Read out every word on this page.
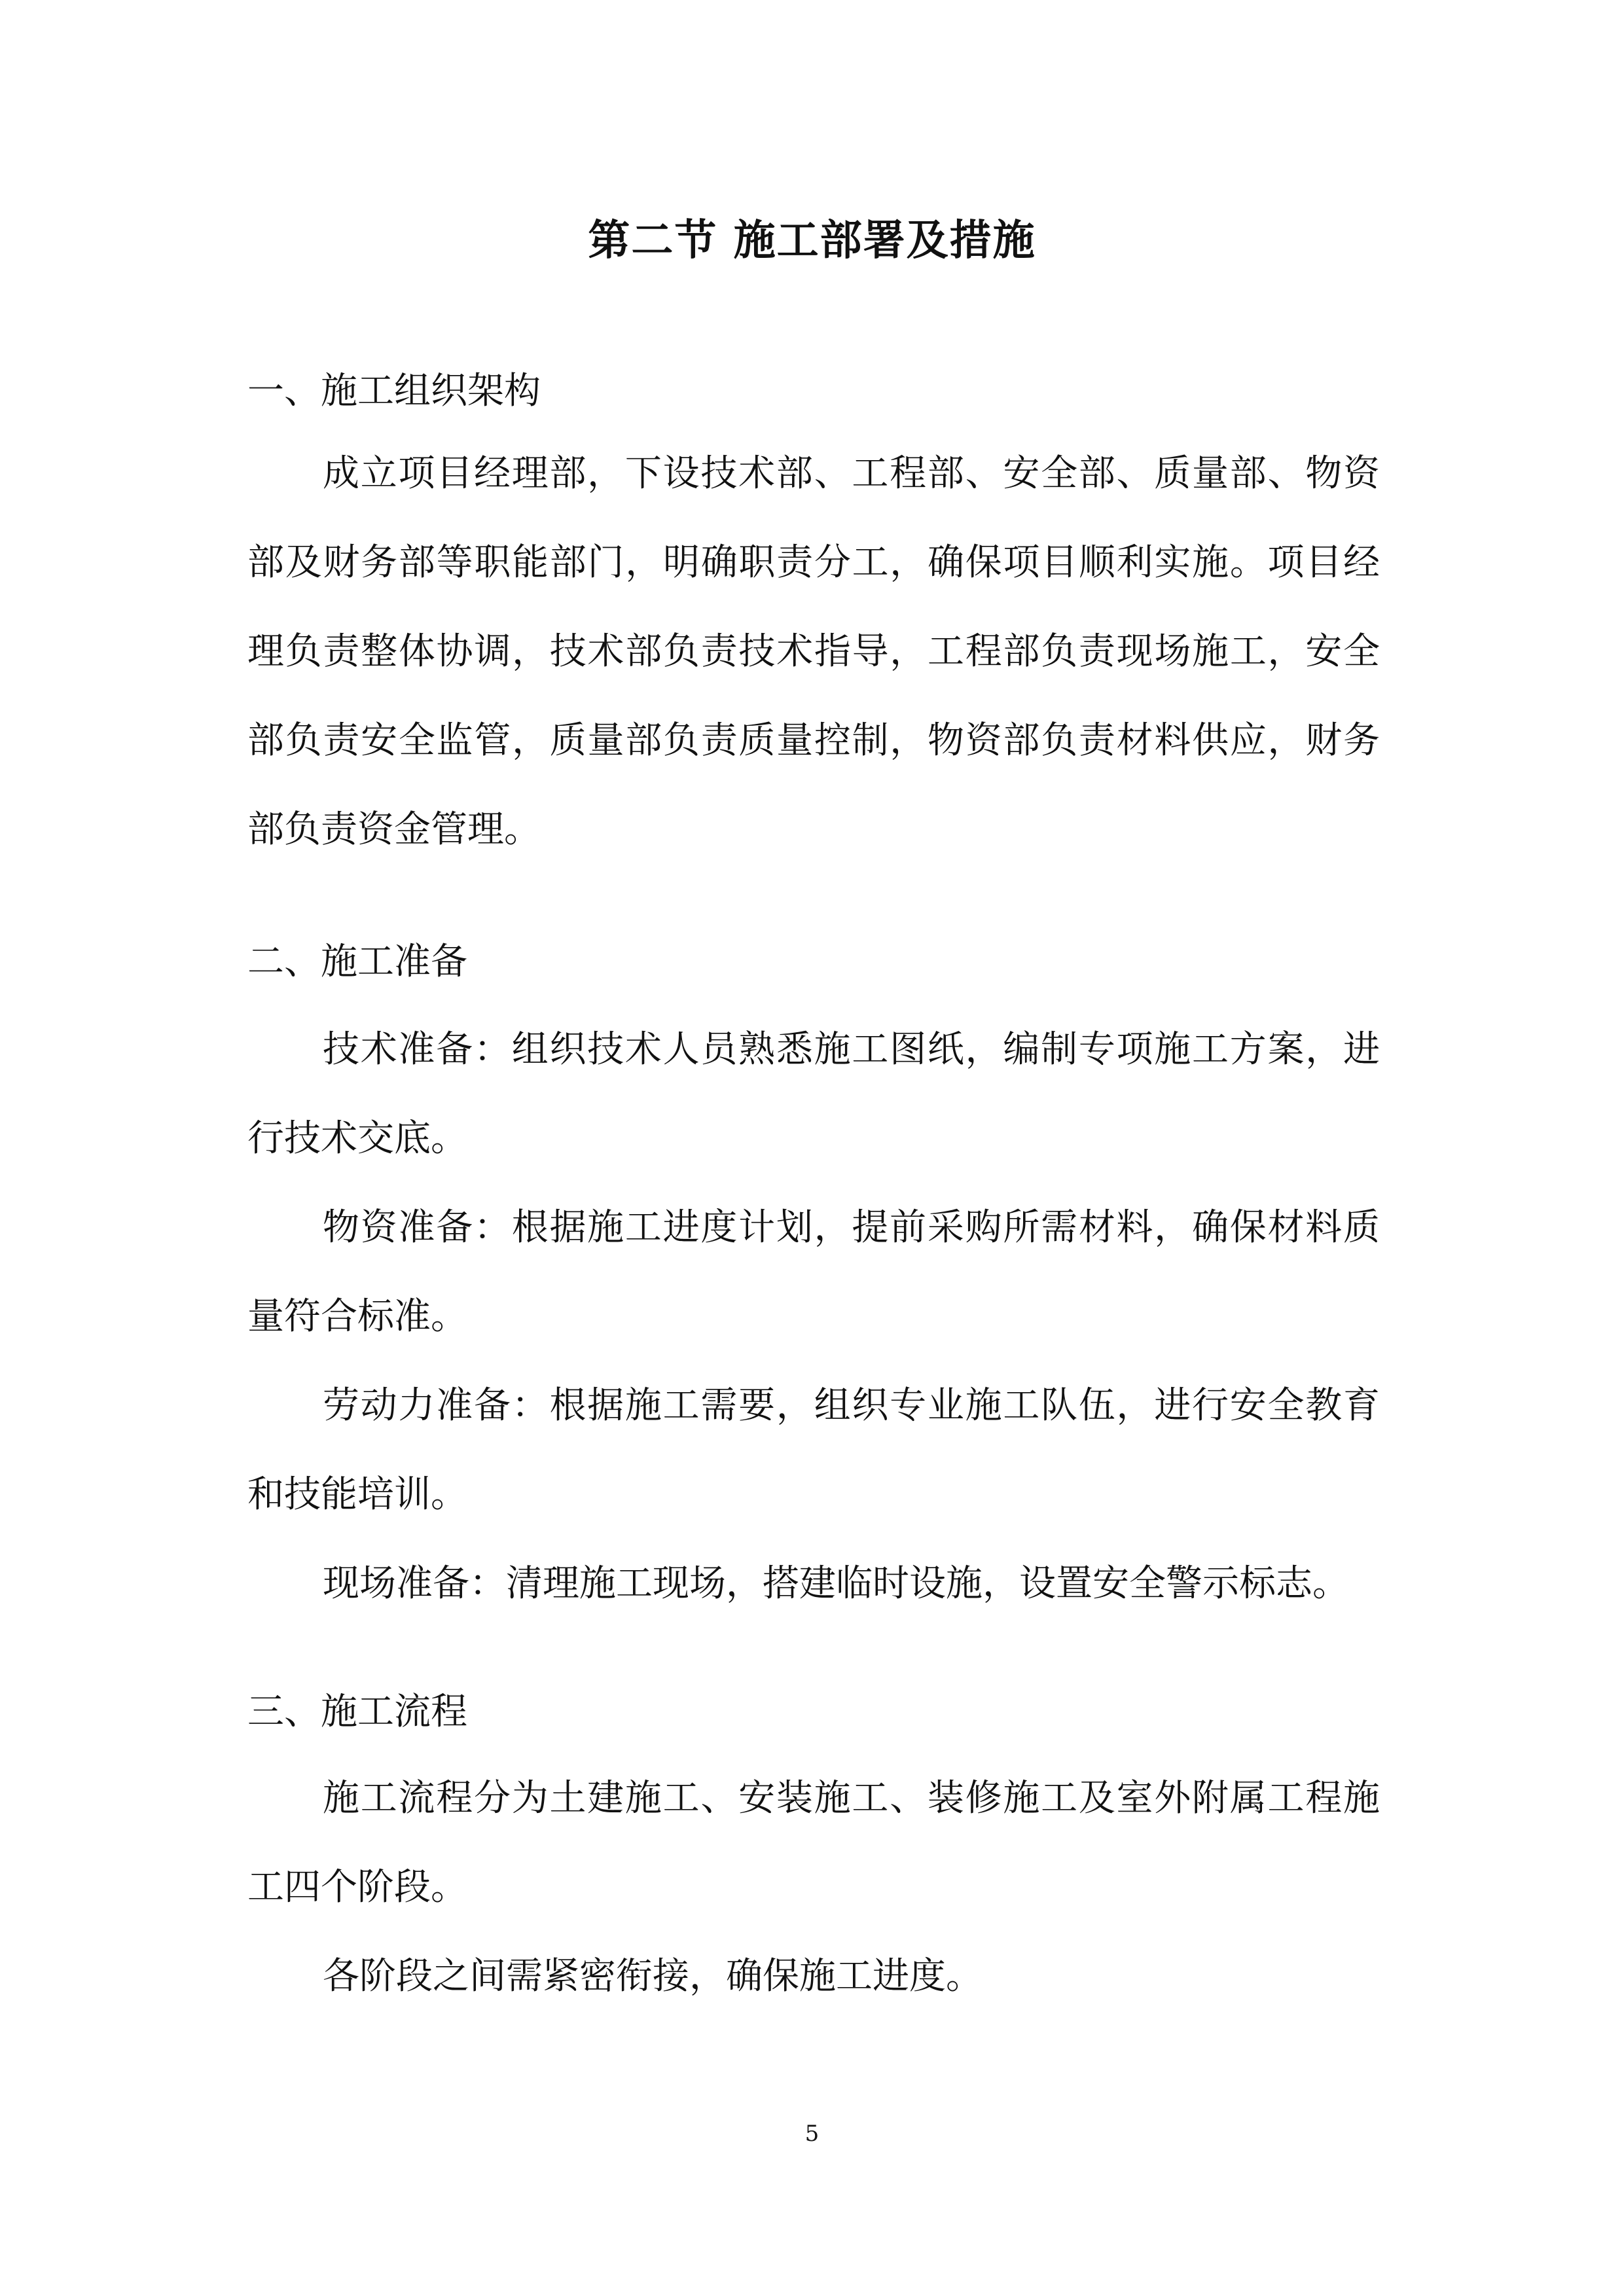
第二节 施工部署及措施
一、施工组织架构
成立项目经理部，下设技术部、工程部、安全部、质量部、物资部及财务部等职能部门，明确职责分工，确保项目顺利实施。项目经理负责整体协调，技术部负责技术指导，工程部负责现场施工，安全部负责安全监管，质量部负责质量控制，物资部负责材料供应，财务部负责资金管理。
二、施工准备
技术准备：组织技术人员熟悉施工图纸，编制专项施工方案，进行技术交底。
物资准备：根据施工进度计划，提前采购所需材料，确保材料质量符合标准。
劳动力准备：根据施工需要，组织专业施工队伍，进行安全教育和技能培训。
现场准备：清理施工现场，搭建临时设施，设置安全警示标志。
三、施工流程
施工流程分为土建施工、安装施工、装修施工及室外附属工程施工四个阶段。
各阶段之间需紧密衔接，确保施工进度。
5
